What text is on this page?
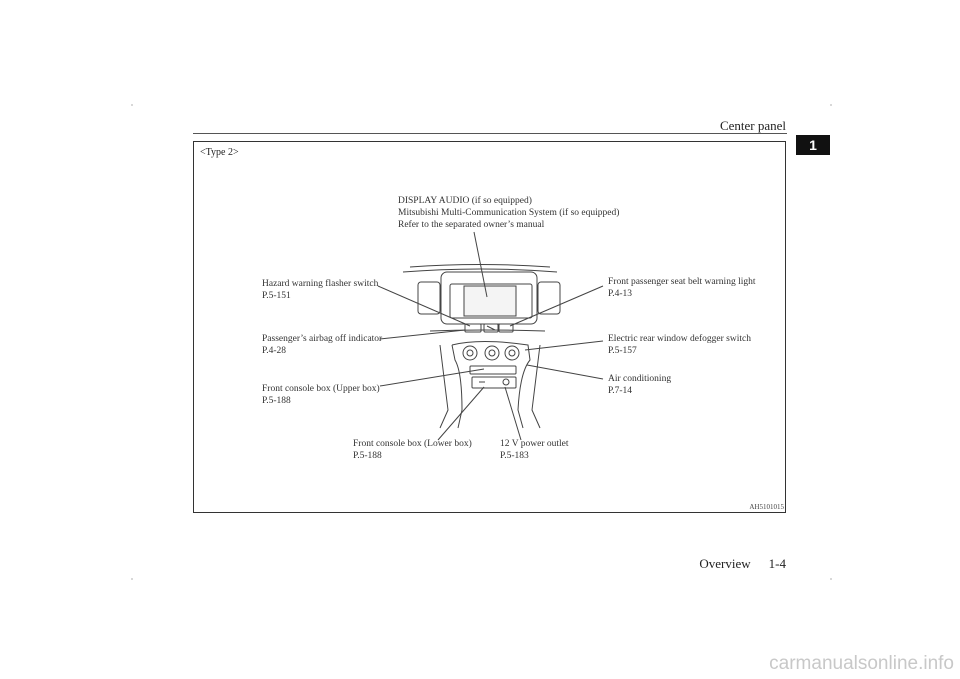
Center panel
1
<Type 2>
DISPLAY AUDIO (if so equipped)
Mitsubishi Multi-Communication System (if so equipped)
Refer to the separated owner’s manual
Hazard warning flasher switch
P.5-151
Front passenger seat belt warning light
P.4-13
Passenger’s airbag off indicator
P.4-28
Electric rear window defogger switch
P.5-157
Air conditioning
P.7-14
Front console box (Upper box)
P.5-188
Front console box (Lower box)
P.5-188
12 V power outlet
P.5-183
AH5101015
Overview 1-4
carmanualsonline.info
